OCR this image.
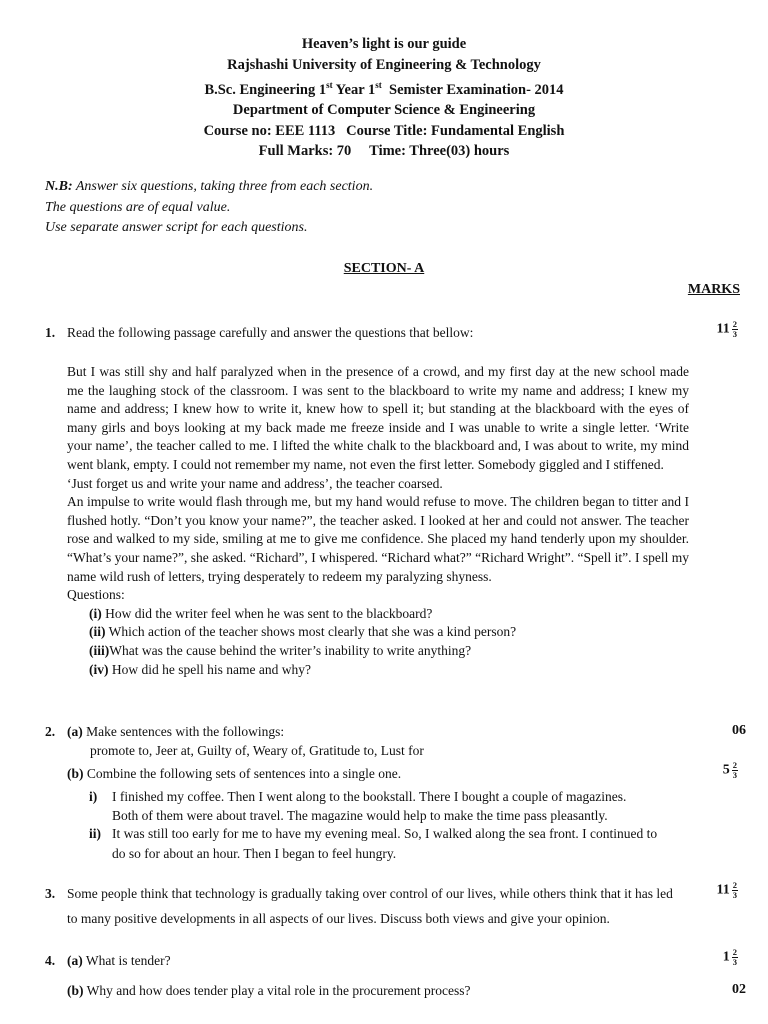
Heaven’s light is our guide
Rajshashi University of Engineering & Technology
B.Sc. Engineering 1st Year 1st  Semister Examination- 2014
Department of Computer Science & Engineering
Course no: EEE 1113   Course Title: Fundamental English
Full Marks: 70     Time: Three(03) hours
N.B: Answer six questions, taking three from each section.
The questions are of equal value.
Use separate answer script for each questions.
SECTION- A
MARKS
1. Read the following passage carefully and answer the questions that bellow:	$11 \frac{2}{3}$

But I was still shy and half paralyzed when in the presence of a crowd, and my first day at the new school made me the laughing stock of the classroom. I was sent to the blackboard to write my name and address; I knew my name and address; I knew how to write it, knew how to spell it; but standing at the blackboard with the eyes of many girls and boys looking at my back made me freeze inside and I was unable to write a single letter. ‘Write your name’, the teacher called to me. I lifted the white chalk to the blackboard and, I was about to write, my mind went blank, empty. I could not remember my name, not even the first letter. Somebody giggled and I stiffened.

‘Just forget us and write your name and address’, the teacher coarsed.

An impulse to write would flash through me, but my hand would refuse to move. The children began to titter and I flushed hotly. “Don’t you know your name?”, the teacher asked. I looked at her and could not answer. The teacher rose and walked to my side, smiling at me to give me confidence. She placed my hand tenderly upon my shoulder. “What’s your name?”, she asked. “Richard”, I whispered. “Richard what?” “Richard Wright”. “Spell it”. I spell my name wild rush of letters, trying desperately to redeem my paralyzing shyness.

Questions:

(i) How did the writer feel when he was sent to the blackboard?
(ii) Which action of the teacher shows most clearly that she was a kind person?
(iii)What was the cause behind the writer’s inability to write anything?
(iv) How did he spell his name and why?
2. (a) Make sentences with the followings:
promote to, Jeer at, Guilty of, Weary of, Gratitude to, Lust for
06
(b) Combine the following sets of sentences into a single one.	$5 \frac{2}{3}$
i) I finished my coffee. Then I went along to the bookstall. There I bought a couple of magazines.
Both of them were about travel. The magazine would help to make the time pass pleasantly.
ii) It was still too early for me to have my evening meal. So, I walked along the sea front. I continued to
do so for about an hour. Then I began to feel hungry.
3. Some people think that technology is gradually taking over control of our lives, while others think that it has led
to many positive developments in all aspects of our lives. Discuss both views and give your opinion.
$11 \frac{2}{3}$
4. (a) What is tender?	$1 \frac{2}{3}$
(b) Why and how does tender play a vital role in the procurement process?	02
